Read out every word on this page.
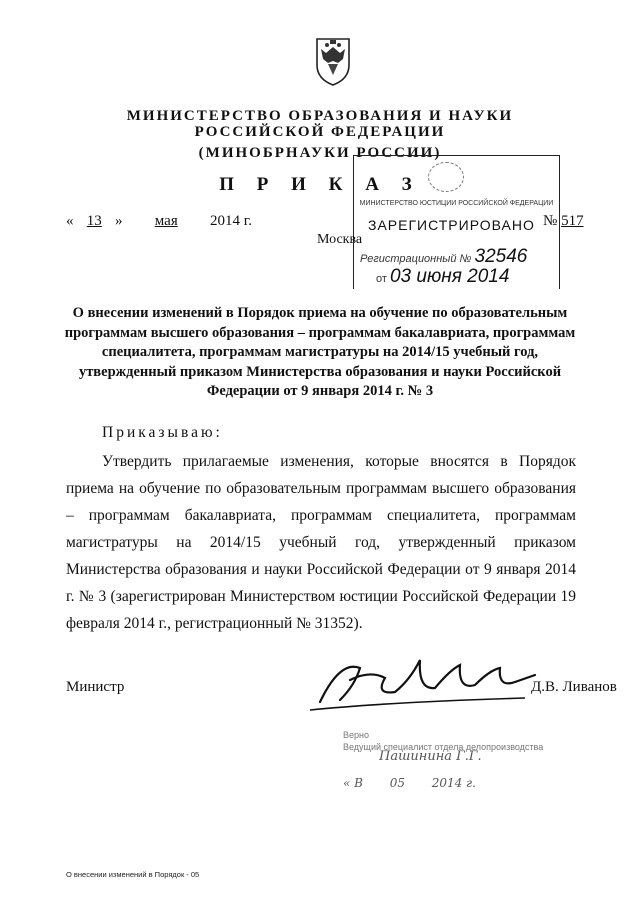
МИНИСТЕРСТВО ОБРАЗОВАНИЯ И НАУКИ
РОССИЙСКОЙ ФЕДЕРАЦИИ
(МИНОБРНАУКИ РОССИИ)
П Р И К А З
МИНИСТЕРСТВО ЮСТИЦИИ РОССИЙСКОЙ ФЕДЕРАЦИИ
ЗАРЕГИСТРИРОВАНО
Регистрационный № 32546
от 03 июня 2014
« 13 » мая 2014 г.	№ 517
Москва
О внесении изменений в Порядок приема на обучение по образовательным программам высшего образования – программам бакалавриата, программам специалитета, программам магистратуры на 2014/15 учебный год, утвержденный приказом Министерства образования и науки Российской Федерации от 9 января 2014 г. № 3
Приказываю:
Утвердить прилагаемые изменения, которые вносятся в Порядок приема на обучение по образовательным программам высшего образования – программам бакалавриата, программам специалитета, программам магистратуры на 2014/15 учебный год, утвержденный приказом Министерства образования и науки Российской Федерации от 9 января 2014 г. № 3 (зарегистрирован Министерством юстиции Российской Федерации 19 февраля 2014 г., регистрационный № 31352).
Министр	Д.В. Ливанов
Верно
Ведущий специалист отдела делопроизводства
Пашинина Г.Г.
« В 05 2014 г.
О внесении изменений в Порядок - 05
